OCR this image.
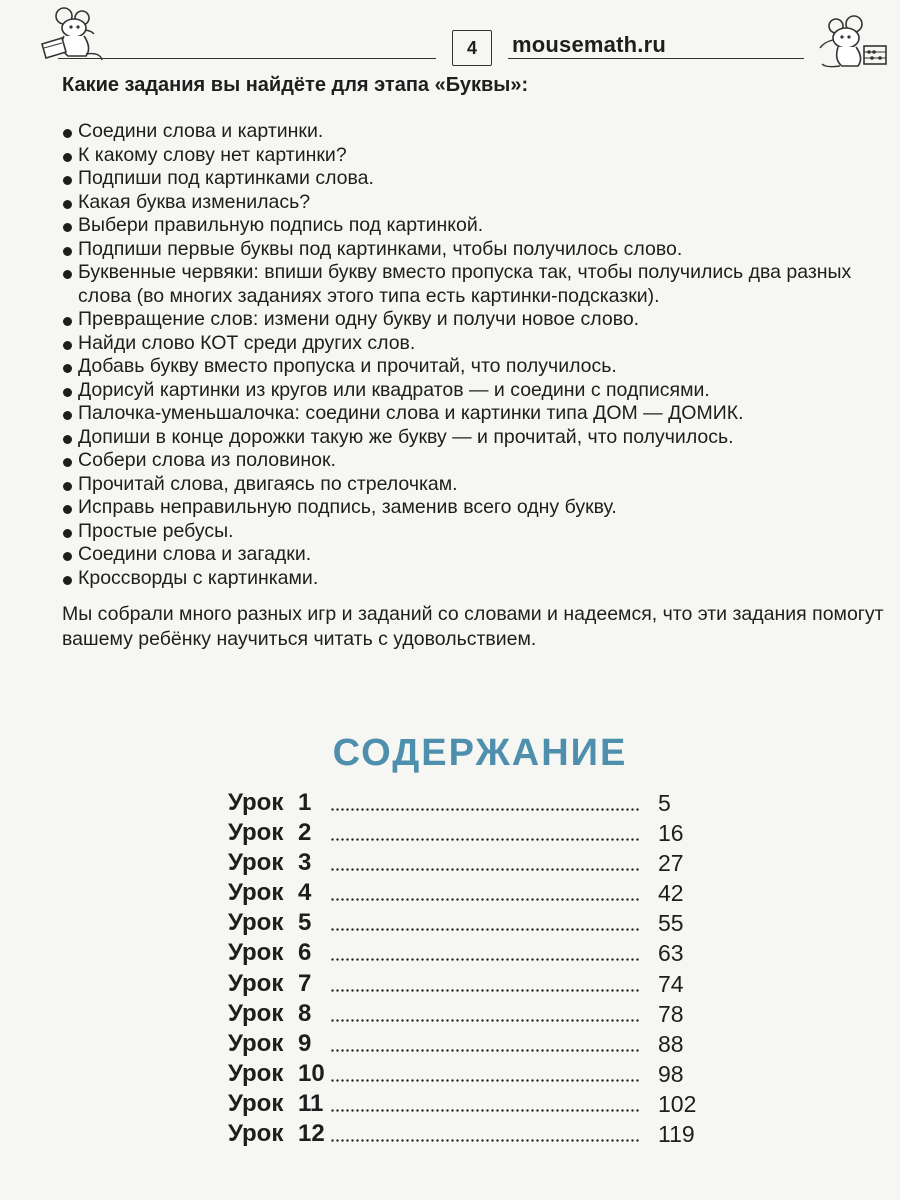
4	mousemath.ru
Какие задания вы найдёте для этапа «Буквы»:
Соедини слова и картинки.
К какому слову нет картинки?
Подпиши под картинками слова.
Какая буква изменилась?
Выбери правильную подпись под картинкой.
Подпиши первые буквы под картинками, чтобы получилось слово.
Буквенные червяки: впиши букву вместо пропуска так, чтобы получились два разных
слова (во многих заданиях этого типа есть картинки-подсказки).
Превращение слов: измени одну букву и получи новое слово.
Найди слово КОТ среди других слов.
Добавь букву вместо пропуска и прочитай, что получилось.
Дорисуй картинки из кругов или квадратов — и соедини с подписями.
Палочка-уменьшалочка: соедини слова и картинки типа ДОМ — ДОМИК.
Допиши в конце дорожки такую же букву — и прочитай, что получилось.
Собери слова из половинок.
Прочитай слова, двигаясь по стрелочкам.
Исправь неправильную подпись, заменив всего одну букву.
Простые ребусы.
Соедини слова и загадки.
Кроссворды с картинками.
Мы собрали много разных игр и заданий со словами и надеемся, что эти задания помогут
вашему ребёнку научиться читать с удовольствием.
СОДЕРЖАНИЕ
Урок 1	5
Урок 2	16
Урок 3	27
Урок 4	42
Урок 5	55
Урок 6	63
Урок 7	74
Урок 8	78
Урок 9	88
Урок 10	98
Урок 11	102
Урок 12	119
